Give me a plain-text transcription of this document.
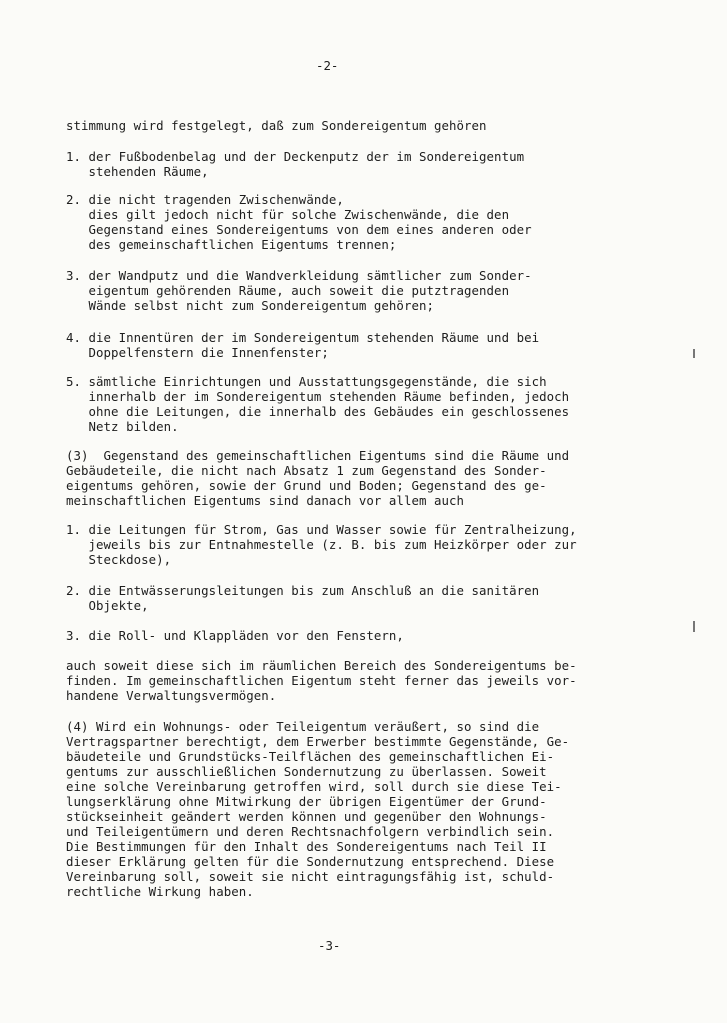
-2-
stimmung wird festgelegt, daß zum Sondereigentum gehören
1. der Fußbodenbelag und der Deckenputz der im Sondereigentum
stehenden Räume,
2. die nicht tragenden Zwischenwände,
dies gilt jedoch nicht für solche Zwischenwände, die den
Gegenstand eines Sondereigentums von dem eines anderen oder
des gemeinschaftlichen Eigentums trennen;
3. der Wandputz und die Wandverkleidung sämtlicher zum Sonder-
eigentum gehörenden Räume, auch soweit die putztragenden
Wände selbst nicht zum Sondereigentum gehören;
4. die Innentüren der im Sondereigentum stehenden Räume und bei
Doppelfenstern die Innenfenster;
5. sämtliche Einrichtungen und Ausstattungsgegenstände, die sich
innerhalb der im Sondereigentum stehenden Räume befinden, jedoch
ohne die Leitungen, die innerhalb des Gebäudes ein geschlossenes
Netz bilden.
(3)  Gegenstand des gemeinschaftlichen Eigentums sind die Räume und
Gebäudeteile, die nicht nach Absatz 1 zum Gegenstand des Sonder-
eigentums gehören, sowie der Grund und Boden; Gegenstand des ge-
meinschaftlichen Eigentums sind danach vor allem auch
1. die Leitungen für Strom, Gas und Wasser sowie für Zentralheizung,
jeweils bis zur Entnahmestelle (z. B. bis zum Heizkörper oder zur
Steckdose),
2. die Entwässerungsleitungen bis zum Anschluß an die sanitären
Objekte,
3. die Roll- und Klappläden vor den Fenstern,
auch soweit diese sich im räumlichen Bereich des Sondereigentums be-
finden. Im gemeinschaftlichen Eigentum steht ferner das jeweils vor-
handene Verwaltungsvermögen.
(4) Wird ein Wohnungs- oder Teileigentum veräußert, so sind die
Vertragspartner berechtigt, dem Erwerber bestimmte Gegenstände, Ge-
bäudeteile und Grundstücks-Teilflächen des gemeinschaftlichen Ei-
gentums zur ausschließlichen Sondernutzung zu überlassen. Soweit
eine solche Vereinbarung getroffen wird, soll durch sie diese Tei-
lungserklärung ohne Mitwirkung der übrigen Eigentümer der Grund-
stückseinheit geändert werden können und gegenüber den Wohnungs-
und Teileigentümern und deren Rechtsnachfolgern verbindlich sein.
Die Bestimmungen für den Inhalt des Sondereigentums nach Teil II
dieser Erklärung gelten für die Sondernutzung entsprechend. Diese
Vereinbarung soll, soweit sie nicht eintragungsfähig ist, schuld-
rechtliche Wirkung haben.
-3-
